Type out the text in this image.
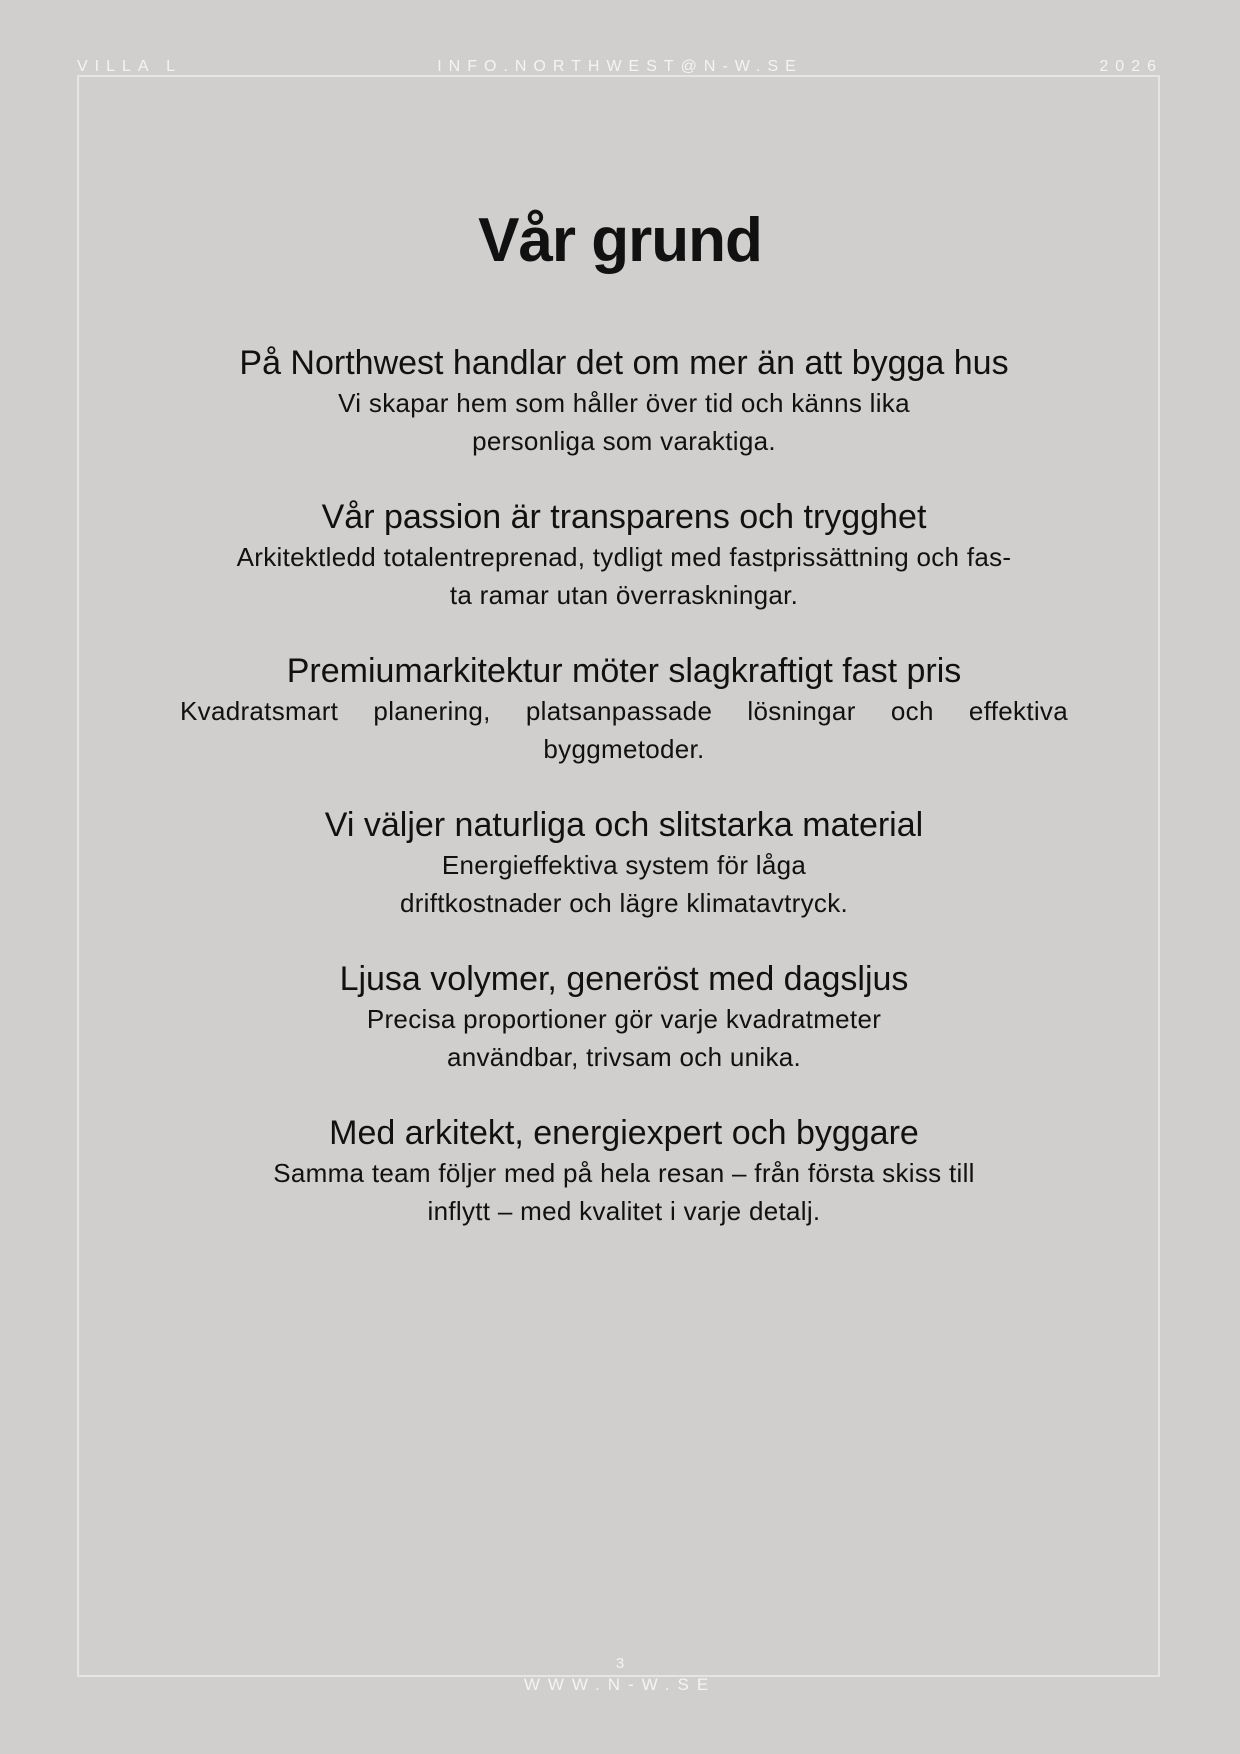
VILLA L	INFO.NORTHWEST@N-W.SE	2026
Vår grund
På Northwest handlar det om mer än att bygga hus
Vi skapar hem som håller över tid och känns lika
personliga som varaktiga.
Vår passion är transparens och trygghet
Arkitektledd totalentreprenad, tydligt med fastprissättning och fas-
ta ramar utan överraskningar.
Premiumarkitektur möter slagkraftigt fast pris
Kvadratsmart planering, platsanpassade lösningar och effektiva
byggmetoder.
Vi väljer naturliga och slitstarka material
Energieffektiva system för låga
driftkostnader och lägre klimatavtryck.
Ljusa volymer, generöst med dagsljus
Precisa proportioner gör varje kvadratmeter
användbar, trivsam och unika.
Med arkitekt, energiexpert och byggare
Samma team följer med på hela resan – från första skiss till
inflytt – med kvalitet i varje detalj.
3
WWW.N-W.SE
